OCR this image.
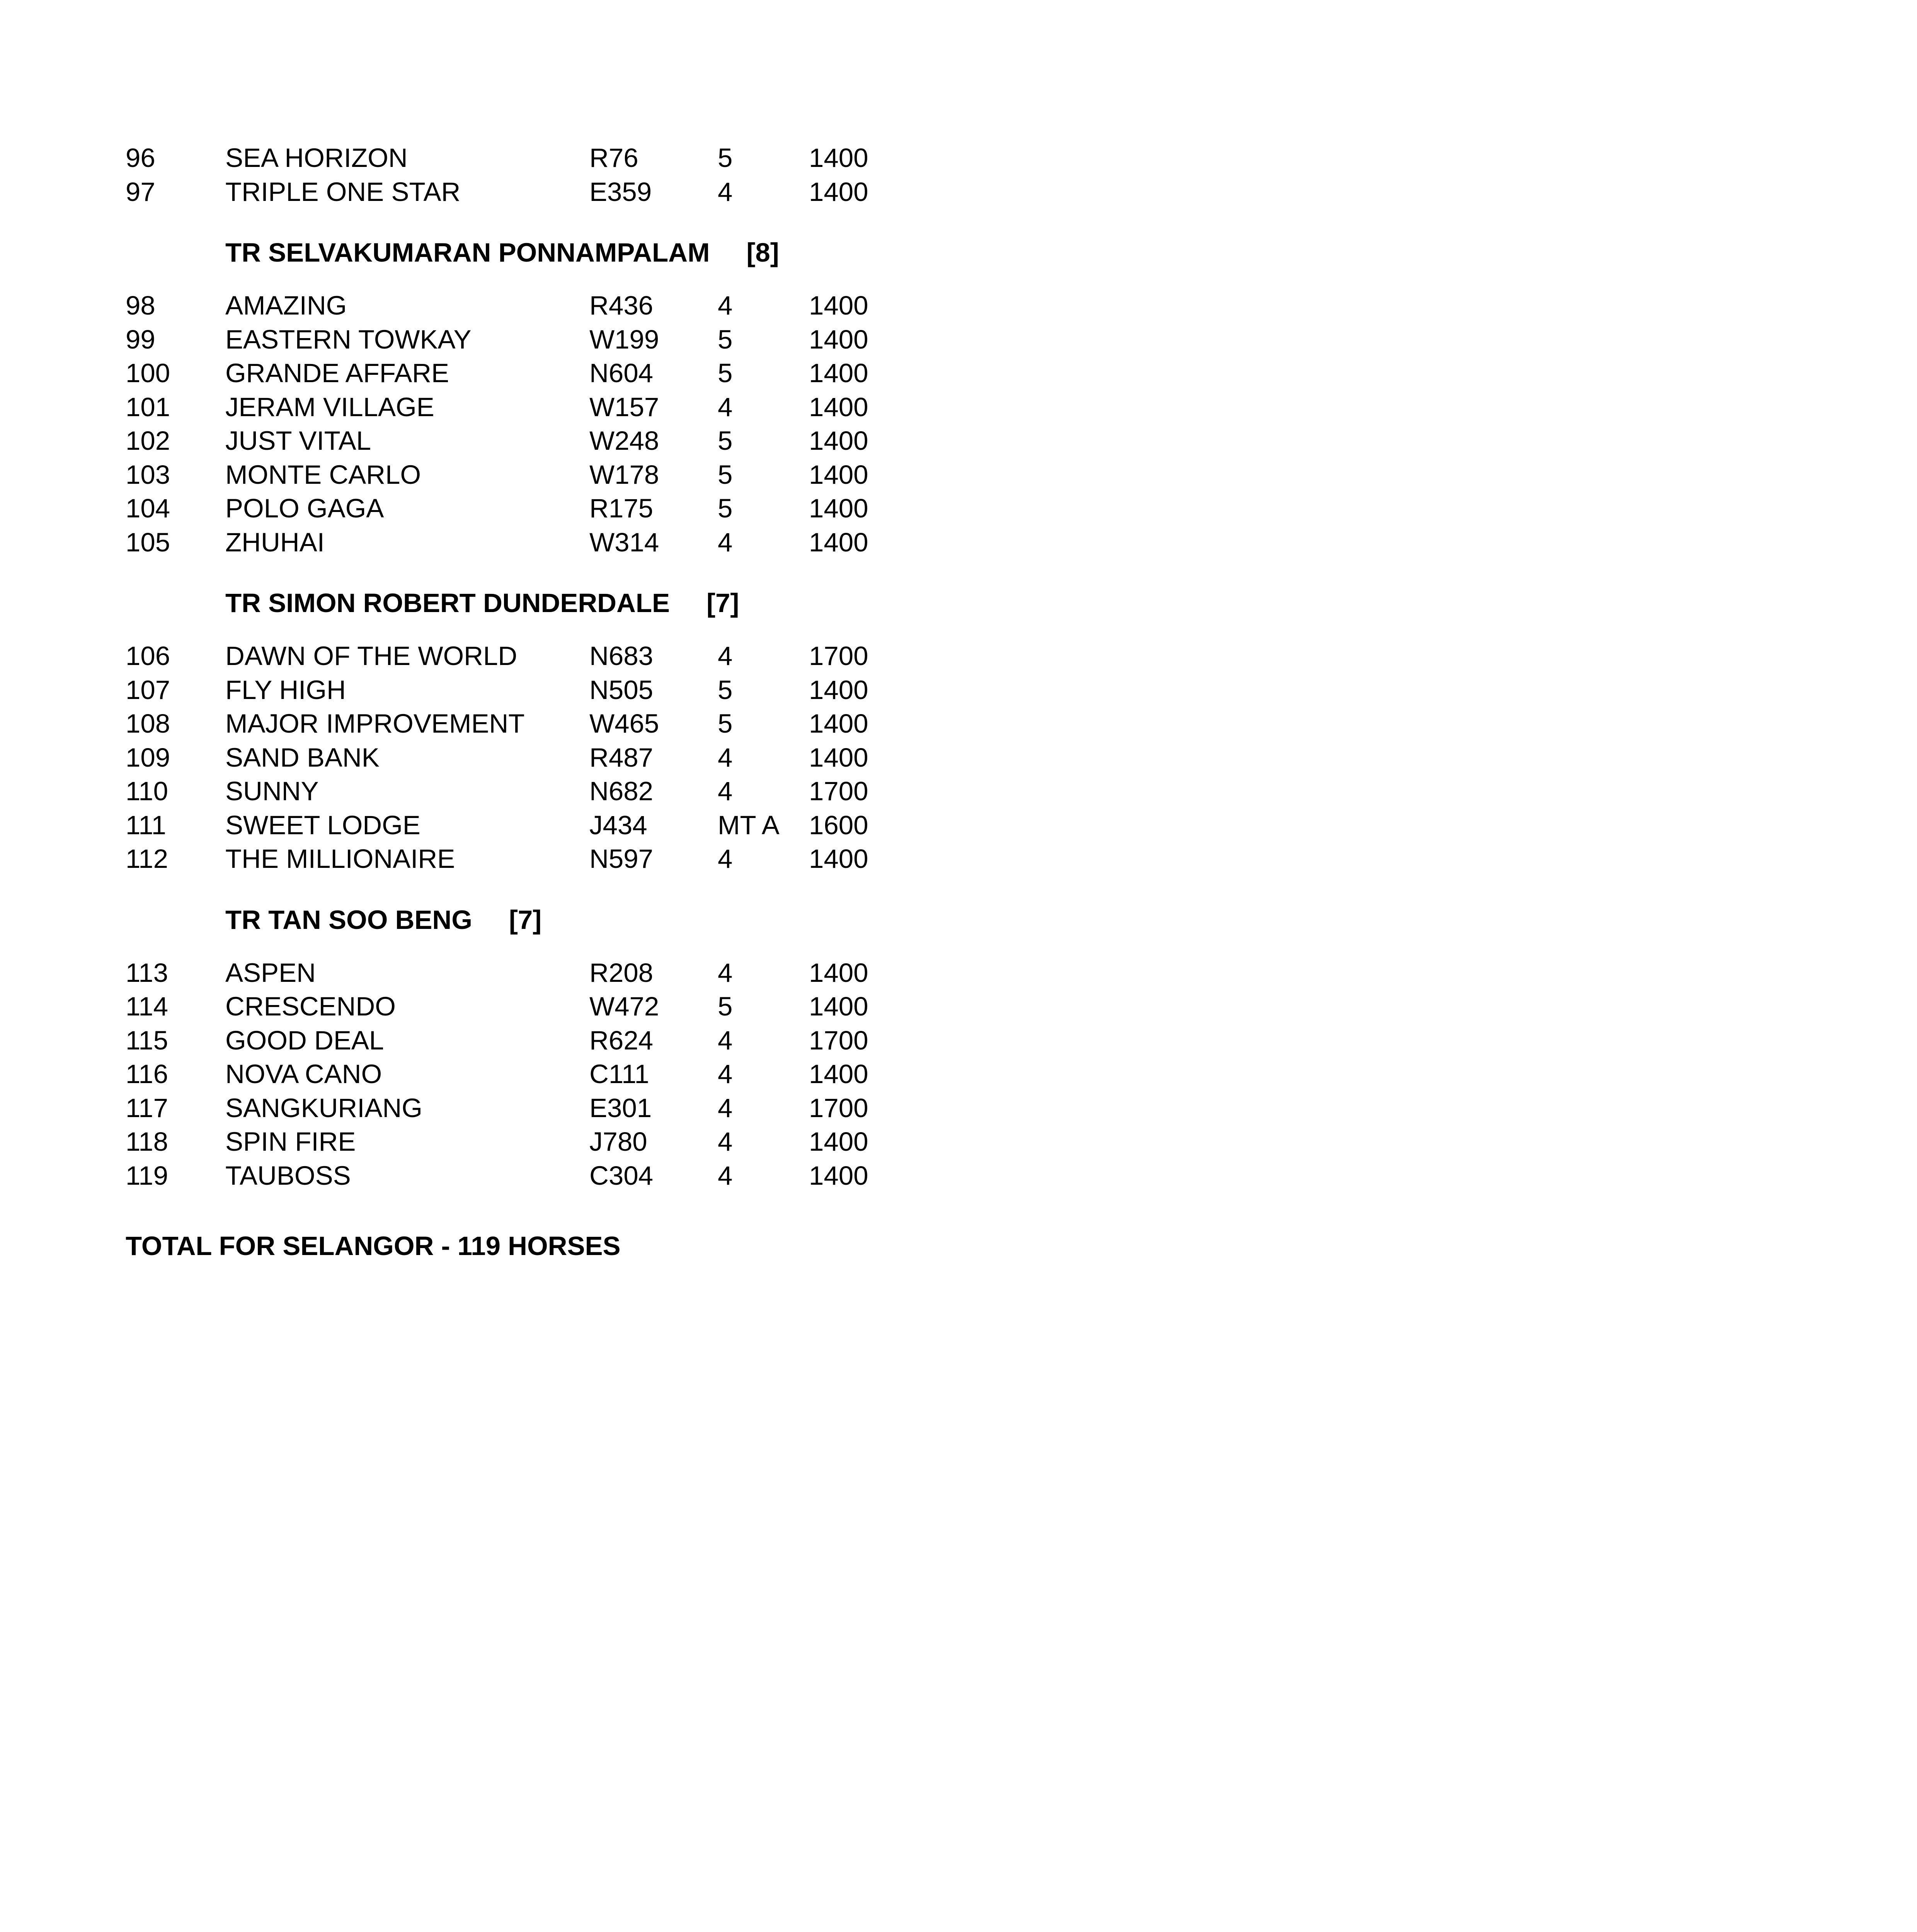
96	SEA HORIZON	R76	5	1400
97	TRIPLE ONE STAR	E359 4	1400
TR SELVAKUMARAN PONNAMPALAM [8]
98	AMAZING	R436 4	1400
99	EASTERN TOWKAY	W199 5	1400
100 GRANDE AFFARE	N604 5	1400
101 JERAM VILLAGE	W157 4	1400
102 JUST VITAL	W248 5	1400
103 MONTE CARLO	W178 5	1400
104 POLO GAGA	R175 5	1400
105 ZHUHAI	W314 4	1400
TR SIMON ROBERT DUNDERDALE [7]
106 DAWN OF THE WORLD	N683 4	1700
107 FLY HIGH	N505 5	1400
108 MAJOR IMPROVEMENT W465 5	1400
109 SAND BANK	R487 4	1400
110 SUNNY	N682 4	1700
111 SWEET LODGE	J434	MT A 1600
112 THE MILLIONAIRE	N597 4	1400
TR TAN SOO BENG [7]
113 ASPEN	R208 4	1400
114 CRESCENDO	W472 5	1400
115 GOOD DEAL	R624 4	1700
116 NOVA CANO	C111	4	1400
117 SANGKURIANG	E301 4	1700
118 SPIN FIRE	J780	4	1400
119 TAUBOSS	C304 4	1400
TOTAL FOR SELANGOR - 119 HORSES
